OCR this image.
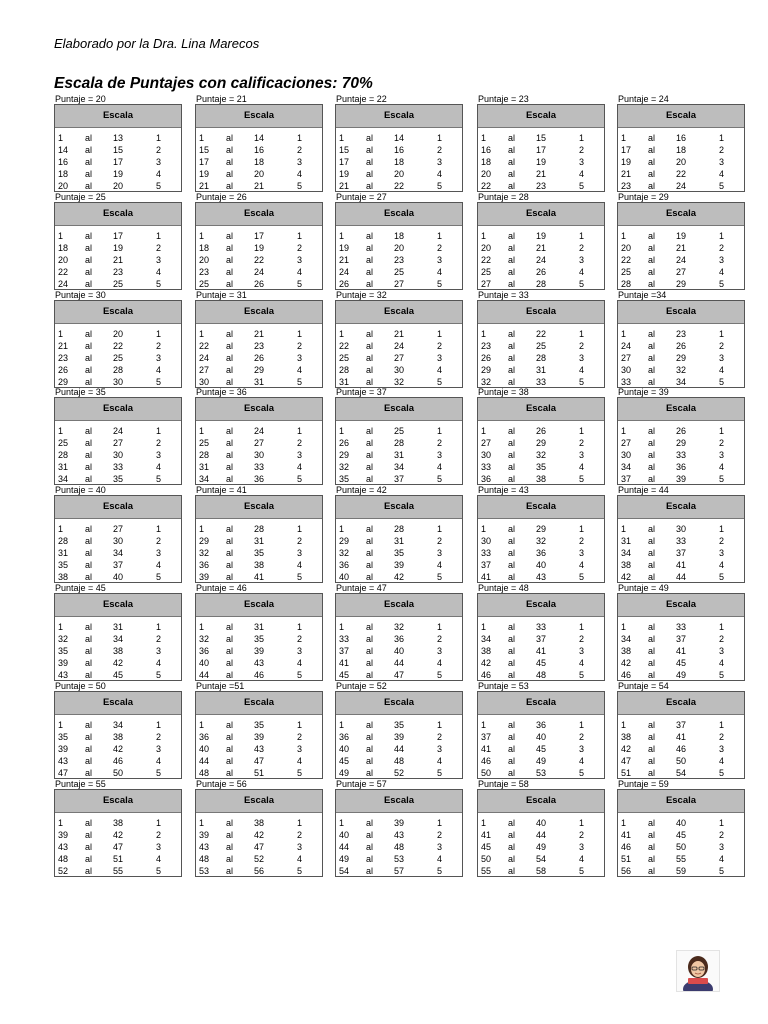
Elaborado por la Dra. Lina Marecos
Escala de Puntajes con calificaciones: 70%
Puntaje = 20
Escala
1 al 13	1
14 al 15	2
16 al 17	3
18 al 19	4
20 al 20	5
Puntaje = 21
Escala
1 al 14	1
15 al 16	2
17 al 18	3
19 al 20	4
21 al 21	5
Puntaje = 22
Escala
1 al 14	1
15 al 16	2
17 al 18	3
19 al 20	4
21 al 22	5
Puntaje = 23
Escala
1 al 15	1
16 al 17	2
18 al 19	3
20 al 21	4
22 al 23	5
Puntaje = 24
Escala
1 al 16	1
17 al 18	2
19 al 20	3
21 al 22	4
23 al 24	5
Puntaje = 25
Escala
1 al 17	1
18 al 19	2
20 al 21	3
22 al 23	4
24 al 25	5
Puntaje = 26
Escala
1 al 17	1
18 al 19	2
20 al 22	3
23 al 24	4
25 al 26	5
Puntaje = 27
Escala
1 al 18	1
19 al 20	2
21 al 23	3
24 al 25	4
26 al 27	5
Puntaje = 28
Escala
1 al 19	1
20 al 21	2
22 al 24	3
25 al 26	4
27 al 28	5
Puntaje = 29
Escala
1 al 19	1
20 al 21	2
22 al 24	3
25 al 27	4
28 al 29	5
Puntaje = 30
Escala
1 al 20	1
21 al 22	2
23 al 25	3
26 al 28	4
29 al 30	5
Puntaje = 31
Escala
1 al 21	1
22 al 23	2
24 al 26	3
27 al 29	4
30 al 31	5
Puntaje = 32
Escala
1 al 21	1
22 al 24	2
25 al 27	3
28 al 30	4
31 al 32	5
Puntaje = 33
Escala
1 al 22	1
23 al 25	2
26 al 28	3
29 al 31	4
32 al 33	5
Puntaje =34
Escala
1 al 23	1
24 al 26	2
27 al 29	3
30 al 32	4
33 al 34	5
Puntaje = 35
Escala
1 al 24	1
25 al 27	2
28 al 30	3
31 al 33	4
34 al 35	5
Puntaje = 36
Escala
1 al 24	1
25 al 27	2
28 al 30	3
31 al 33	4
34 al 36	5
Puntaje = 37
Escala
1 al 25	1
26 al 28	2
29 al 31	3
32 al 34	4
35 al 37	5
Puntaje = 38
Escala
1 al 26	1
27 al 29	2
30 al 32	3
33 al 35	4
36 al 38	5
Puntaje = 39
Escala
1 al 26	1
27 al 29	2
30 al 33	3
34 al 36	4
37 al 39	5
Puntaje = 40
Escala
1 al 27	1
28 al 30	2
31 al 34	3
35 al 37	4
38 al 40	5
Puntaje = 41
Escala
1 al 28	1
29 al 31	2
32 al 35	3
36 al 38	4
39 al 41	5
Puntaje = 42
Escala
1 al 28	1
29 al 31	2
32 al 35	3
36 al 39	4
40 al 42	5
Puntaje = 43
Escala
1 al 29	1
30 al 32	2
33 al 36	3
37 al 40	4
41 al 43	5
Puntaje = 44
Escala
1 al 30	1
31 al 33	2
34 al 37	3
38 al 41	4
42 al 44	5
Puntaje = 45
Escala
1 al 31	1
32 al 34	2
35 al 38	3
39 al 42	4
43 al 45	5
Puntaje = 46
Escala
1 al 31	1
32 al 35	2
36 al 39	3
40 al 43	4
44 al 46	5
Puntaje = 47
Escala
1 al 32	1
33 al 36	2
37 al 40	3
41 al 44	4
45 al 47	5
Puntaje = 48
Escala
1 al 33	1
34 al 37	2
38 al 41	3
42 al 45	4
46 al 48	5
Puntaje = 49
Escala
1 al 33	1
34 al 37	2
38 al 41	3
42 al 45	4
46 al 49	5
Puntaje = 50
Escala
1 al 34	1
35 al 38	2
39 al 42	3
43 al 46	4
47 al 50	5
Puntaje =51
Escala
1 al 35	1
36 al 39	2
40 al 43	3
44 al 47	4
48 al 51	5
Puntaje = 52
Escala
1 al 35	1
36 al 39	2
40 al 44	3
45 al 48	4
49 al 52	5
Puntaje = 53
Escala
1 al 36	1
37 al 40	2
41 al 45	3
46 al 49	4
50 al 53	5
Puntaje = 54
Escala
1 al 37	1
38 al 41	2
42 al 46	3
47 al 50	4
51 al 54	5
Puntaje = 55
Escala
1 al 38	1
39 al 42	2
43 al 47	3
48 al 51	4
52 al 55	5
Puntaje = 56
Escala
1 al 38	1
39 al 42	2
43 al 47	3
48 al 52	4
53 al 56	5
Puntaje = 57
Escala
1 al 39	1
40 al 43	2
44 al 48	3
49 al 53	4
54 al 57	5
Puntaje = 58
Escala
1 al 40	1
41 al 44	2
45 al 49	3
50 al 54	4
55 al 58	5
Puntaje = 59
Escala
1 al 40	1
41 al 45	2
46 al 50	3
51 al 55	4
56 al 59	5
